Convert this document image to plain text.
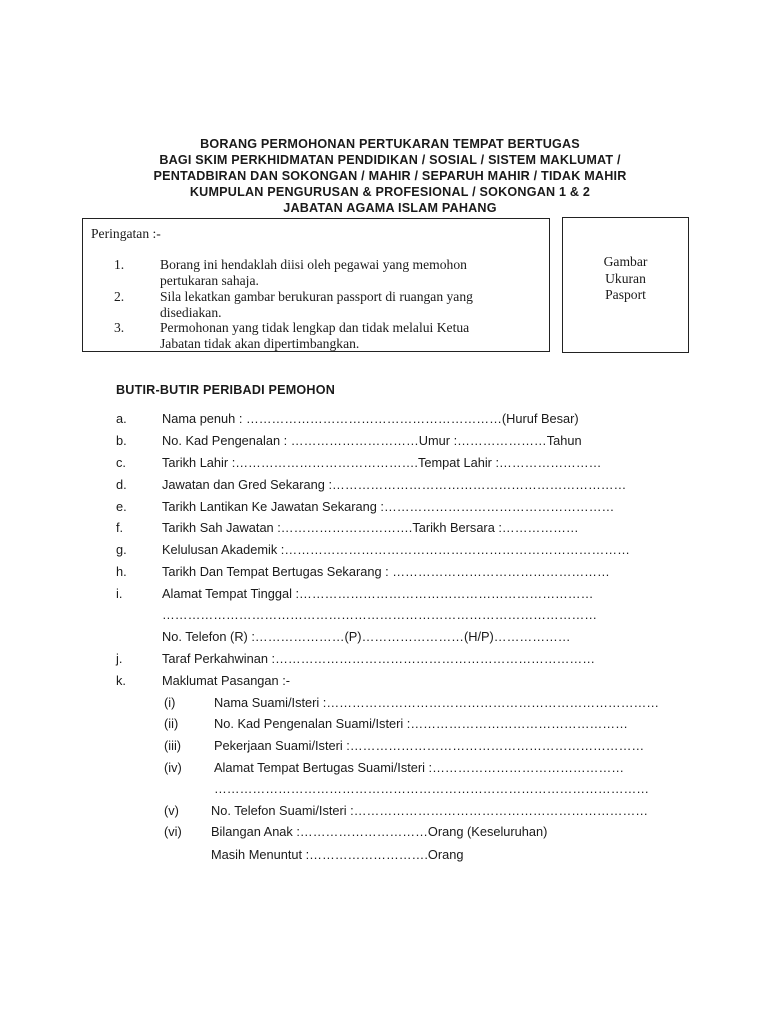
BORANG PERMOHONAN PERTUKARAN TEMPAT BERTUGAS
BAGI SKIM PERKHIDMATAN PENDIDIKAN / SOSIAL / SISTEM MAKLUMAT /
PENTADBIRAN DAN SOKONGAN / MAHIR / SEPARUH MAHIR / TIDAK MAHIR
KUMPULAN PENGURUSAN & PROFESIONAL / SOKONGAN 1 & 2
JABATAN AGAMA ISLAM PAHANG
Peringatan :-
1.	Borang ini hendaklah diisi oleh pegawai yang memohon
pertukaran sahaja.
2.	Sila lekatkan gambar berukuran passport di ruangan yang
disediakan.
3.	Permohonan yang tidak lengkap dan tidak melalui Ketua
Jabatan tidak akan dipertimbangkan.
Gambar
Ukuran
Pasport
BUTIR-BUTIR PERIBADI PEMOHON
a.	Nama penuh : ……………………………………………………(Huruf Besar)
b.	No. Kad Pengenalan : …………………………Umur :…………………Tahun
c.	Tarikh Lahir :…………………………………….Tempat Lahir :……………………
d.	Jawatan dan Gred Sekarang :……………………………………………………………
e.	Tarikh Lantikan Ke Jawatan Sekarang :………………………………………………
f.	Tarikh Sah Jawatan :………………………….Tarikh Bersara :………………
g.	Kelulusan Akademik :………………………………………………………………………
h.	Tarikh Dan Tempat Bertugas Sekarang : ……………………………………………
i.	Alamat Tempat Tinggal :……………………………………………………………
…………………………………………………………………………………………
No. Telefon (R) :…………………(P)……………………(H/P)………………
j.	Taraf Perkahwinan :…………………………………………………………………
k.	Maklumat Pasangan :-
(i)	Nama Suami/Isteri :……………………………………………………………………
(ii)	No. Kad Pengenalan Suami/Isteri :……………………………………………
(iii)	Pekerjaan Suami/Isteri :……………………………………………………………
(iv)	Alamat Tempat Bertugas Suami/Isteri :………………………………………
…………………………………………………………………………………………
(v)	No. Telefon Suami/Isteri :……………………………………………………………
(vi) Bilangan Anak :…………………………Orang (Keseluruhan)
Masih Menuntut :……………………….Orang
